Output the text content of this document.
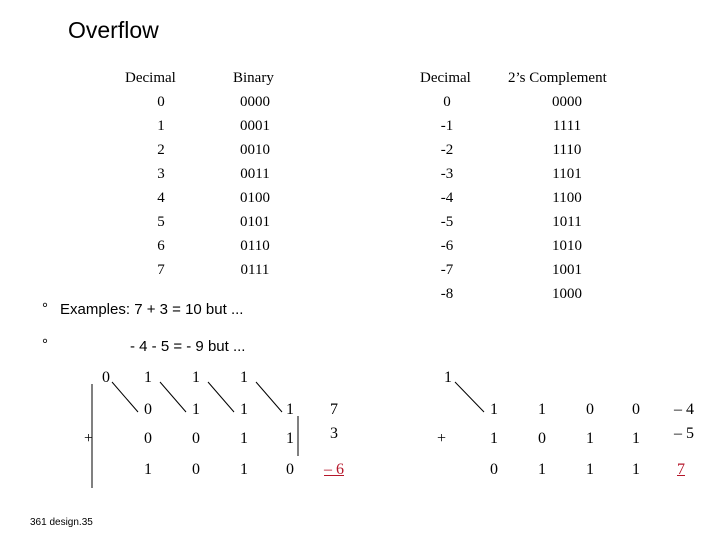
Overflow
Decimal	Binary
0	0000
1	0001
2	0010
3	0011
4	0100
5	0101
6	0110
7	0111
Decimal 2’s Complement
0	0000
-1	1111
-2	1110
-3	1101
-4	1100
-5	1011
-6	1010
-7	1001
-8	1000
° Examples: 7 + 3 = 10 but ...
°	- 4 - 5 = - 9 but ...
0	1	1	1
0	1	1	1	7
+	0	0	1	1	3
1	0	1	0	– 6
1
1	1	0	0	– 4
+	1	0	1	1	– 5
0	1	1	1	7
361 design.35
